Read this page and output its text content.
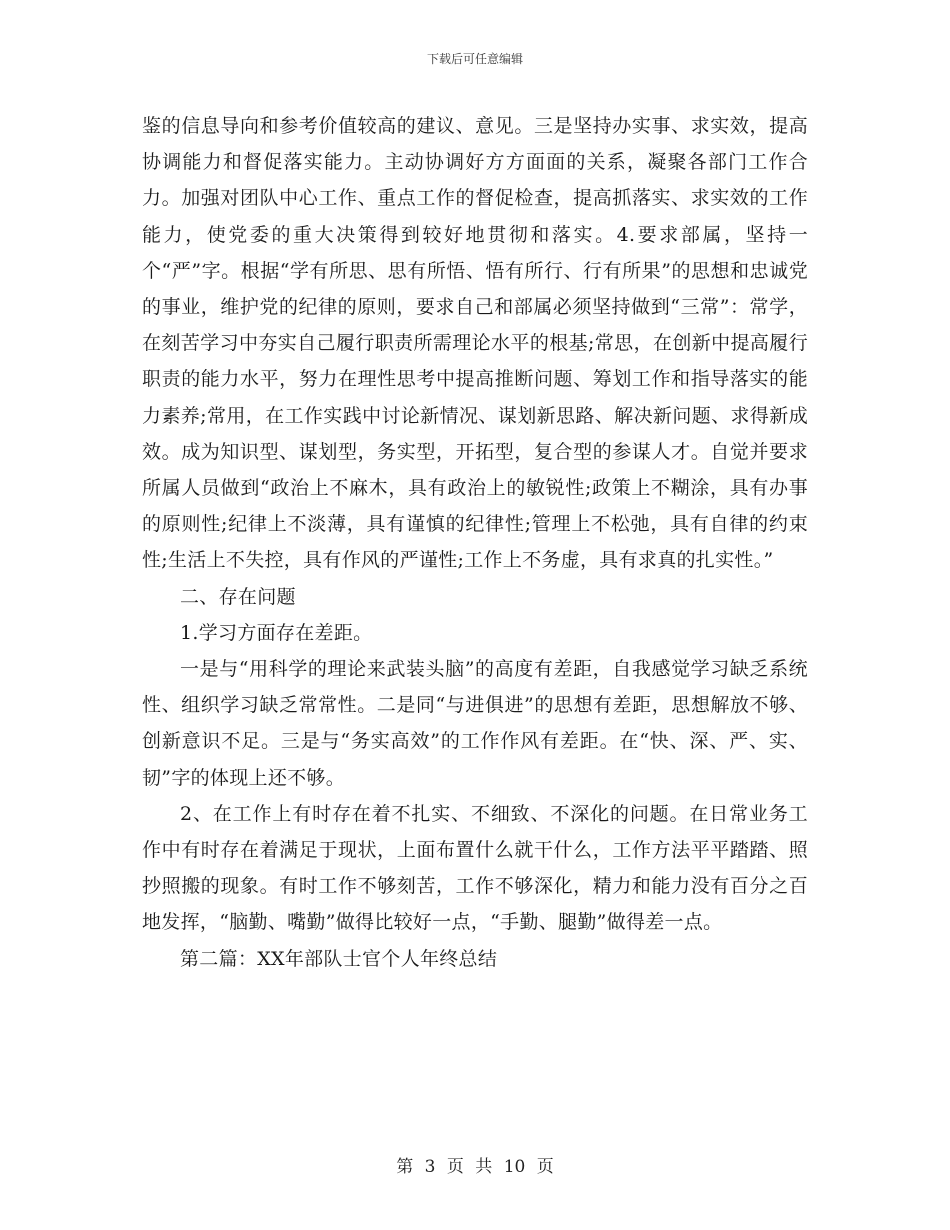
下载后可任意编辑

鉴的信息导向和参考价值较高的建议、意见。三是坚持办实事、求实效，提高协调能力和督促落实能力。主动协调好方方面面的关系，凝聚各部门工作合力。加强对团队中心工作、重点工作的督促检查，提高抓落实、求实效的工作能力，使党委的重大决策得到较好地贯彻和落实。4.要求部属，坚持一个“严”字。根据“学有所思、思有所悟、悟有所行、行有所果”的思想和忠诚党的事业，维护党的纪律的原则，要求自己和部属必须坚持做到“三常”：常学，在刻苦学习中夯实自己履行职责所需理论水平的根基;常思，在创新中提高履行职责的能力水平，努力在理性思考中提高推断问题、筹划工作和指导落实的能力素养;常用，在工作实践中讨论新情况、谋划新思路、解决新问题、求得新成效。成为知识型、谋划型，务实型，开拓型，复合型的参谋人才。自觉并要求所属人员做到“政治上不麻木，具有政治上的敏锐性;政策上不糊涂，具有办事的原则性;纪律上不淡薄，具有谨慎的纪律性;管理上不松弛，具有自律的约束性;生活上不失控，具有作风的严谨性;工作上不务虚，具有求真的扎实性。”

二、存在问题

1.学习方面存在差距。

一是与“用科学的理论来武装头脑”的高度有差距，自我感觉学习缺乏系统性、组织学习缺乏常常性。二是同“与进俱进”的思想有差距，思想解放不够、创新意识不足。三是与“务实高效”的工作作风有差距。在“快、深、严、实、韧”字的体现上还不够。

2、在工作上有时存在着不扎实、不细致、不深化的问题。在日常业务工作中有时存在着满足于现状，上面布置什么就干什么，工作方法平平踏踏、照抄照搬的现象。有时工作不够刻苦，工作不够深化，精力和能力没有百分之百地发挥，“脑勤、嘴勤”做得比较好一点，“手勤、腿勤”做得差一点。

第二篇：XX年部队士官个人年终总结

第 3 页 共 10 页
